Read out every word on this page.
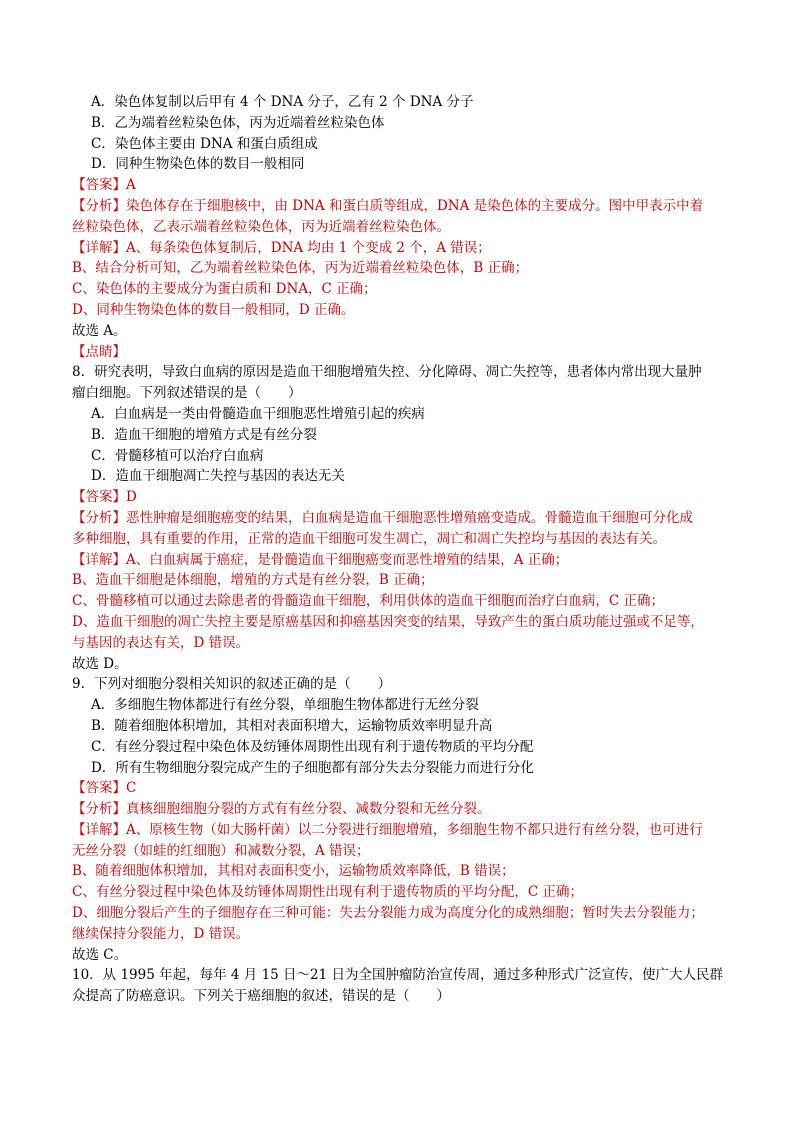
A．染色体复制以后甲有 4 个 DNA 分子，乙有 2 个 DNA 分子
B．乙为端着丝粒染色体，丙为近端着丝粒染色体
C．染色体主要由 DNA 和蛋白质组成
D．同种生物染色体的数目一般相同
【答案】A
【分析】染色体存在于细胞核中，由 DNA 和蛋白质等组成，DNA 是染色体的主要成分。图中甲表示中着
丝粒染色体，乙表示端着丝粒染色体，丙为近端着丝粒染色体。
【详解】A、每条染色体复制后，DNA 均由 1 个变成 2 个，A 错误；
B、结合分析可知，乙为端着丝粒染色体，丙为近端着丝粒染色体，B 正确；
C、染色体的主要成分为蛋白质和 DNA，C 正确；
D、同种生物染色体的数目一般相同，D 正确。
故选 A。
【点睛】
8．研究表明，导致白血病的原因是造血干细胞增殖失控、分化障碍、凋亡失控等，患者体内常出现大量肿
瘤白细胞。下列叙述错误的是（　　）
A．白血病是一类由骨髓造血干细胞恶性增殖引起的疾病
B．造血干细胞的增殖方式是有丝分裂
C．骨髓移植可以治疗白血病
D．造血干细胞凋亡失控与基因的表达无关
【答案】D
【分析】恶性肿瘤是细胞癌变的结果，白血病是造血干细胞恶性增殖癌变造成。骨髓造血干细胞可分化成
多种细胞，具有重要的作用，正常的造血干细胞可发生凋亡，凋亡和凋亡失控均与基因的表达有关。
【详解】A、白血病属于癌症，是骨髓造血干细胞癌变而恶性增殖的结果，A 正确；
B、造血干细胞是体细胞，增殖的方式是有丝分裂，B 正确；
C、骨髓移植可以通过去除患者的骨髓造血干细胞，利用供体的造血干细胞而治疗白血病，C 正确；
D、造血干细胞的凋亡失控主要是原癌基因和抑癌基因突变的结果，导致产生的蛋白质功能过强或不足等，
与基因的表达有关，D 错误。
故选 D。
9．下列对细胞分裂相关知识的叙述正确的是（　　）
A．多细胞生物体都进行有丝分裂，单细胞生物体都进行无丝分裂
B．随着细胞体积增加，其相对表面积增大，运输物质效率明显升高
C．有丝分裂过程中染色体及纺锤体周期性出现有利于遗传物质的平均分配
D．所有生物细胞分裂完成产生的子细胞都有部分失去分裂能力而进行分化
【答案】C
【分析】真核细胞细胞分裂的方式有有丝分裂、减数分裂和无丝分裂。
【详解】A、原核生物（如大肠杆菌）以二分裂进行细胞增殖，多细胞生物不都只进行有丝分裂，也可进行
无丝分裂（如蛙的红细胞）和减数分裂，A 错误；
B、随着细胞体积增加，其相对表面积变小，运输物质效率降低，B 错误；
C、有丝分裂过程中染色体及纺锤体周期性出现有利于遗传物质的平均分配，C 正确；
D、细胞分裂后产生的子细胞存在三种可能：失去分裂能力成为高度分化的成熟细胞；暂时失去分裂能力；
继续保持分裂能力，D 错误。
故选 C。
10．从 1995 年起，每年 4 月 15 日～21 日为全国肿瘤防治宣传周，通过多种形式广泛宣传，使广大人民群
众提高了防癌意识。下列关于癌细胞的叙述，错误的是（　　）
